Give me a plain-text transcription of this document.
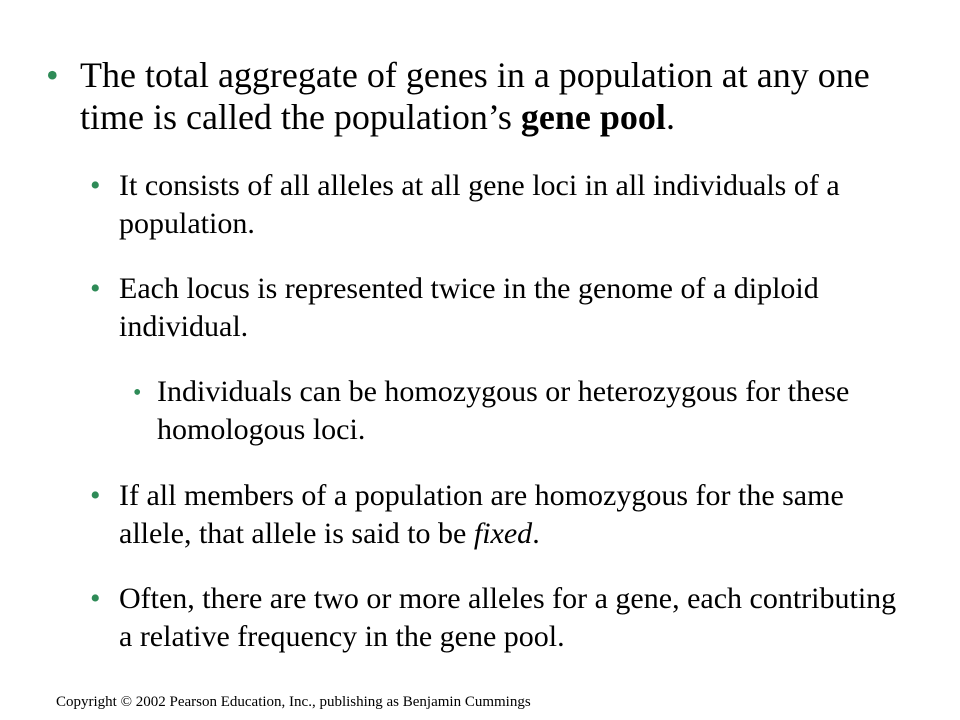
• The total aggregate of genes in a population at any one time is called the population’s gene pool.
• It consists of all alleles at all gene loci in all individuals of a population.
• Each locus is represented twice in the genome of a diploid individual.
• Individuals can be homozygous or heterozygous for these homologous loci.
• If all members of a population are homozygous for the same allele, that allele is said to be fixed.
• Often, there are two or more alleles for a gene, each contributing a relative frequency in the gene pool.
Copyright © 2002 Pearson Education, Inc., publishing as Benjamin Cummings
